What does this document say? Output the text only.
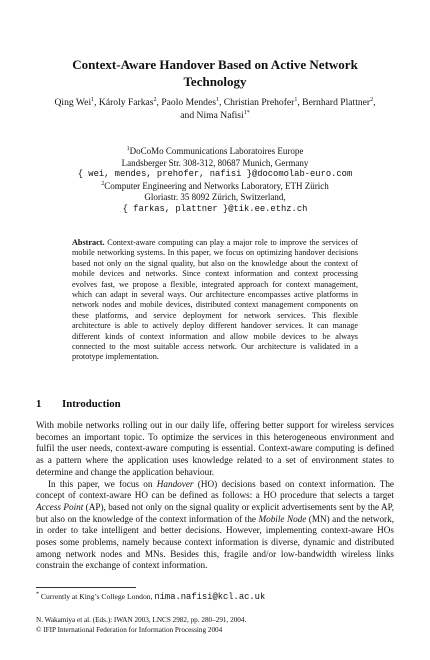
Context-Aware Handover Based on Active Network
Technology
Qing Wei$^1$, Károly Farkas$^2$, Paolo Mendes$^1$, Christian Prehofer$^1$, Bernhard Plattner$^2$,
and Nima Nafisi$^{1*}$
$^1$DoCoMo Communications Laboratoires Europe
Landsberger Str. 308-312, 80687 Munich, Germany
{ wei, mendes, prehofer, nafisi }@docomolab-euro.com
$^2$Computer Engineering and Networks Laboratory, ETH Zürich
Gloriastr. 35 8092 Zürich, Switzerland,
{ farkas, plattner }@tik.ee.ethz.ch
Abstract. Context-aware computing can play a major role to improve the services of mobile networking systems. In this paper, we focus on optimizing handover decisions based not only on the signal quality, but also on the knowledge about the context of mobile devices and networks. Since context information and context processing evolves fast, we propose a flexible, integrated approach for context management, which can adapt in several ways. Our architecture encompasses active platforms in network nodes and mobile devices, distributed context management components on these platforms, and service deployment for network services. This flexible architecture is able to actively deploy different handover services. It can manage different kinds of context information and allow mobile devices to be always connected to the most suitable access network. Our architecture is validated in a prototype implementation.
1 Introduction

With mobile networks rolling out in our daily life, offering better support for wireless services becomes an important topic. To optimize the services in this heterogeneous environment and fulfil the user needs, context-aware computing is essential. Context-aware computing is defined as a pattern where the application uses knowledge related to a set of environment states to determine and change the application behaviour.

In this paper, we focus on Handover (HO) decisions based on context information. The concept of context-aware HO can be defined as follows: a HO procedure that selects a target Access Point (AP), based not only on the signal quality or explicit advertisements sent by the AP, but also on the knowledge of the context information of the Mobile Node (MN) and the network, in order to take intelligent and better decisions. However, implementing context-aware HOs poses some problems, namely because context information is diverse, dynamic and distributed among network nodes and MNs. Besides this, fragile and/or low-bandwidth wireless links constrain the exchange of context information.

* Currently at King’s College London, nima.nafisi@kcl.ac.uk
N. Wakamiya et al. (Eds.): IWAN 2003, LNCS 2982, pp. 280–291, 2004.
© IFIP International Federation for Information Processing 2004
